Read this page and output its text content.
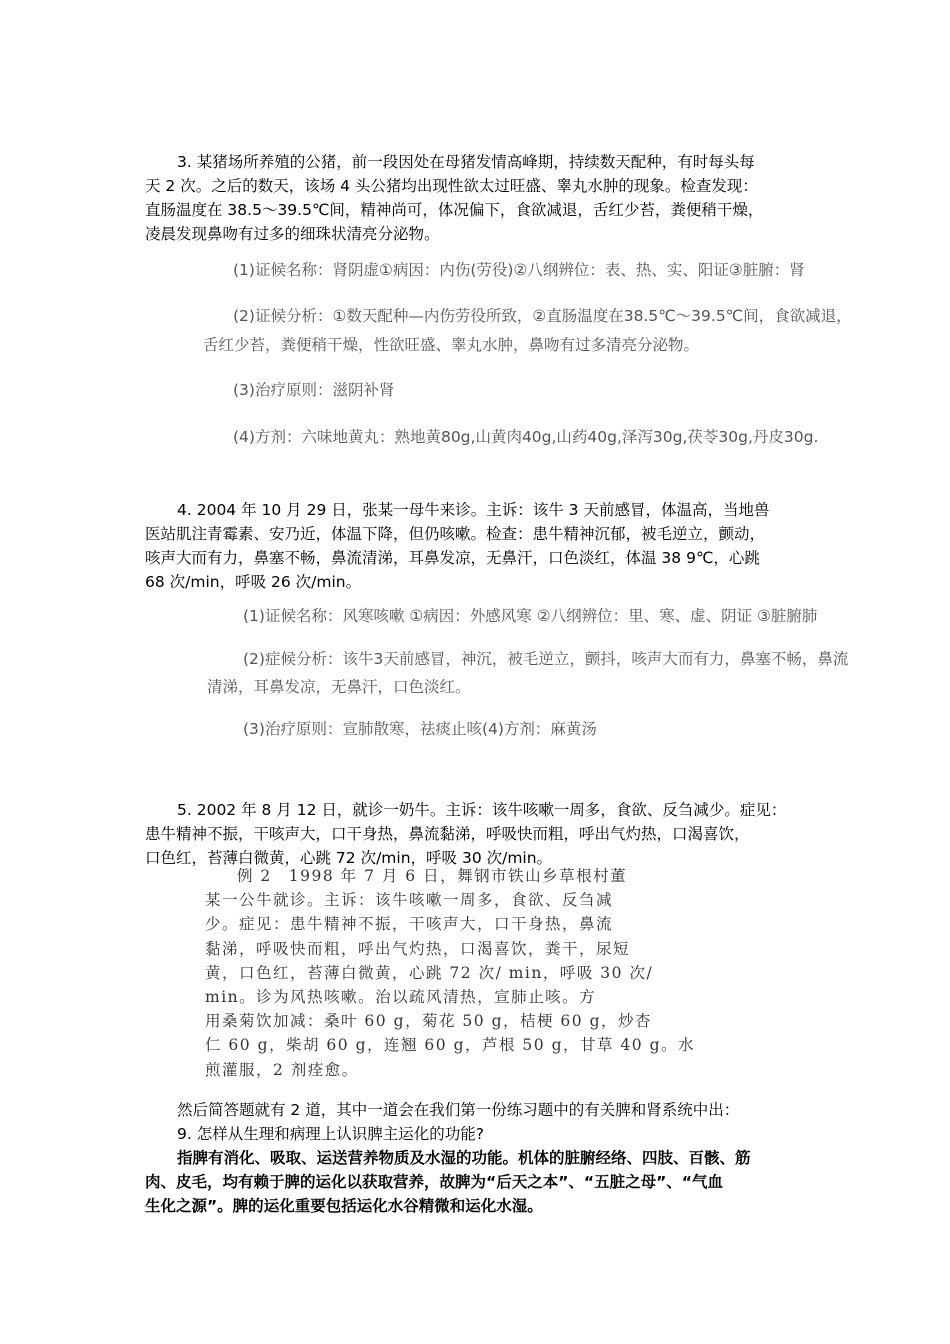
3. 某猪场所养殖的公猪，前一段因处在母猪发情高峰期，持续数天配种，有时每头每
天 2 次。之后的数天，该场 4 头公猪均出现性欲太过旺盛、睾丸水肿的现象。检查发现：
直肠温度在 38.5～39.5℃间，精神尚可，体况偏下，食欲减退，舌红少苔，粪便稍干燥，
凌晨发现鼻吻有过多的细珠状清亮分泌物。

(1)证候名称：肾阴虚①病因：内伤(劳役)②八纲辨位：表、热、实、阳证③脏腑：肾

(2)证候分析：①数天配种—内伤劳役所致，②直肠温度在38.5℃～39.5℃间，食欲减退，

舌红少苔，粪便稍干燥，性欲旺盛、睾丸水肿，鼻吻有过多清亮分泌物。

(3)治疗原则：滋阴补肾

(4)方剂：六味地黄丸：熟地黄80g,山黄肉40g,山药40g,泽泻30g,茯苓30g,丹皮30g.

4. 2004 年 10 月 29 日，张某一母牛来诊。主诉：该牛 3 天前感冒，体温高，当地兽
医站肌注青霉素、安乃近，体温下降，但仍咳嗽。检查：患牛精神沉郁，被毛逆立，颤动，
咳声大而有力，鼻塞不畅，鼻流清涕，耳鼻发凉，无鼻汗，口色淡红，体温 38 9℃，心跳
68 次/min，呼吸 26 次/min。

(1)证候名称：风寒咳嗽 ①病因：外感风寒 ②八纲辨位：里、寒、虚、阴证 ③脏腑肺

(2)症候分析：该牛3天前感冒，神沉，被毛逆立，颤抖，咳声大而有力，鼻塞不畅，鼻流

清涕，耳鼻发凉，无鼻汗，口色淡红。

(3)治疗原则：宣肺散寒，祛痰止咳(4)方剂：麻黄汤

5. 2002 年 8 月 12 日，就诊一奶牛。主诉：该牛咳嗽一周多，食欲、反刍减少。症见：
患牛精神不振，干咳声大，口干身热，鼻流黏涕，呼吸快而粗，呼出气灼热，口渴喜饮，
口色红，苔薄白微黄，心跳 72 次/min，呼吸 30 次/min。
例 2　1998 年 7 月 6 日，舞钢市铁山乡草根村董
某一公牛就诊。主诉：该牛咳嗽一周多，食欲、反刍减
少。症见：患牛精神不振，干咳声大，口干身热，鼻流
黏涕，呼吸快而粗，呼出气灼热，口渴喜饮，粪干，尿短
黄，口色红，苔薄白微黄，心跳 72 次/ min，呼吸 30 次/
min。诊为风热咳嗽。治以疏风清热，宣肺止咳。方
用桑菊饮加减：桑叶 60 g，菊花 50 g，桔梗 60 g，炒杏
仁 60 g，柴胡 60 g，连翘 60 g，芦根 50 g，甘草 40 g。水
煎灌服，2 剂痊愈。
然后简答题就有 2 道，其中一道会在我们第一份练习题中的有关脾和肾系统中出：
9. 怎样从生理和病理上认识脾主运化的功能?
指脾有消化、吸取、运送营养物质及水湿的功能。机体的脏腑经络、四肢、百骸、筋
肉、皮毛，均有赖于脾的运化以获取营养，故脾为“后天之本”、“五脏之母”、“气血
生化之源”。脾的运化重要包括运化水谷精微和运化水湿。
